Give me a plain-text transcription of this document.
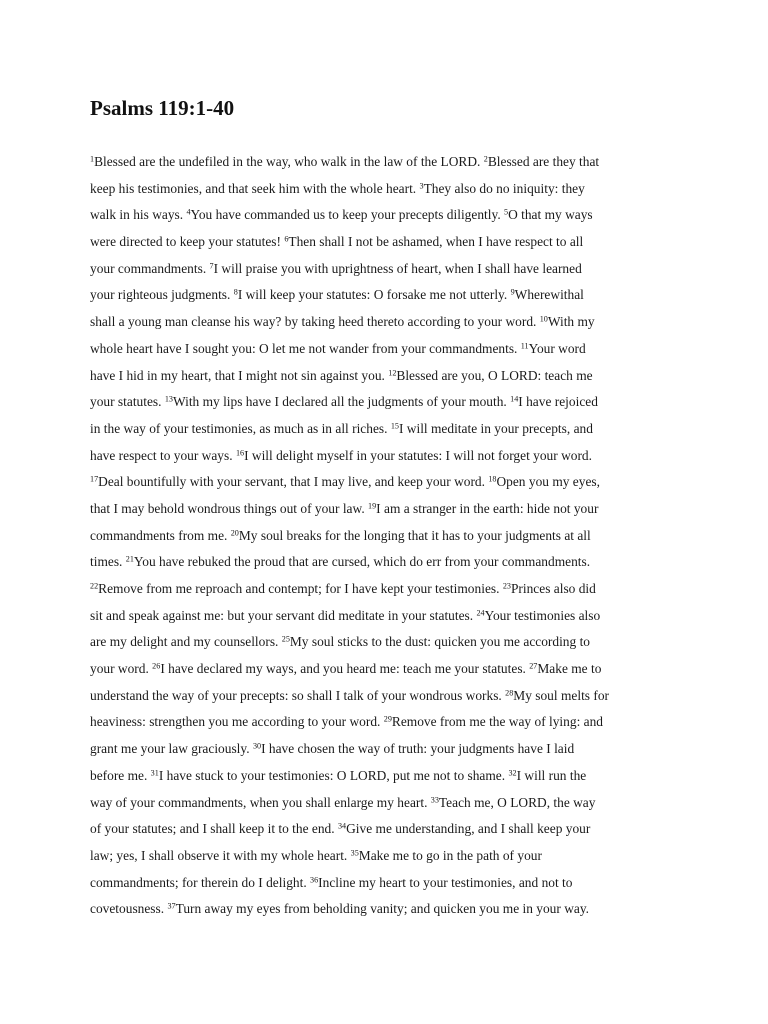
Psalms 119:1-40
$^1$Blessed are the undefiled in the way, who walk in the law of the LORD. $^2$Blessed are they that
keep his testimonies, and that seek him with the whole heart. $^3$They also do no iniquity: they
walk in his ways. $^4$You have commanded us to keep your precepts diligently. $^5$O that my ways
were directed to keep your statutes! $^6$Then shall I not be ashamed, when I have respect to all
your commandments. $^7$I will praise you with uprightness of heart, when I shall have learned
your righteous judgments. $^8$I will keep your statutes: O forsake me not utterly. $^9$Wherewithal
shall a young man cleanse his way? by taking heed thereto according to your word. $^{10}$With my
whole heart have I sought you: O let me not wander from your commandments. $^{11}$Your word
have I hid in my heart, that I might not sin against you. $^{12}$Blessed are you, O LORD: teach me
your statutes. $^{13}$With my lips have I declared all the judgments of your mouth. $^{14}$I have rejoiced
in the way of your testimonies, as much as in all riches. $^{15}$I will meditate in your precepts, and
have respect to your ways. $^{16}$I will delight myself in your statutes: I will not forget your word.
$^{17}$Deal bountifully with your servant, that I may live, and keep your word. $^{18}$Open you my eyes,
that I may behold wondrous things out of your law. $^{19}$I am a stranger in the earth: hide not your
commandments from me. $^{20}$My soul breaks for the longing that it has to your judgments at all
times. $^{21}$You have rebuked the proud that are cursed, which do err from your commandments.
$^{22}$Remove from me reproach and contempt; for I have kept your testimonies. $^{23}$Princes also did
sit and speak against me: but your servant did meditate in your statutes. $^{24}$Your testimonies also
are my delight and my counsellors. $^{25}$My soul sticks to the dust: quicken you me according to
your word. $^{26}$I have declared my ways, and you heard me: teach me your statutes. $^{27}$Make me to
understand the way of your precepts: so shall I talk of your wondrous works. $^{28}$My soul melts for
heaviness: strengthen you me according to your word. $^{29}$Remove from me the way of lying: and
grant me your law graciously. $^{30}$I have chosen the way of truth: your judgments have I laid
before me. $^{31}$I have stuck to your testimonies: O LORD, put me not to shame. $^{32}$I will run the
way of your commandments, when you shall enlarge my heart. $^{33}$Teach me, O LORD, the way
of your statutes; and I shall keep it to the end. $^{34}$Give me understanding, and I shall keep your
law; yes, I shall observe it with my whole heart. $^{35}$Make me to go in the path of your
commandments; for therein do I delight. $^{36}$Incline my heart to your testimonies, and not to
covetousness. $^{37}$Turn away my eyes from beholding vanity; and quicken you me in your way.
